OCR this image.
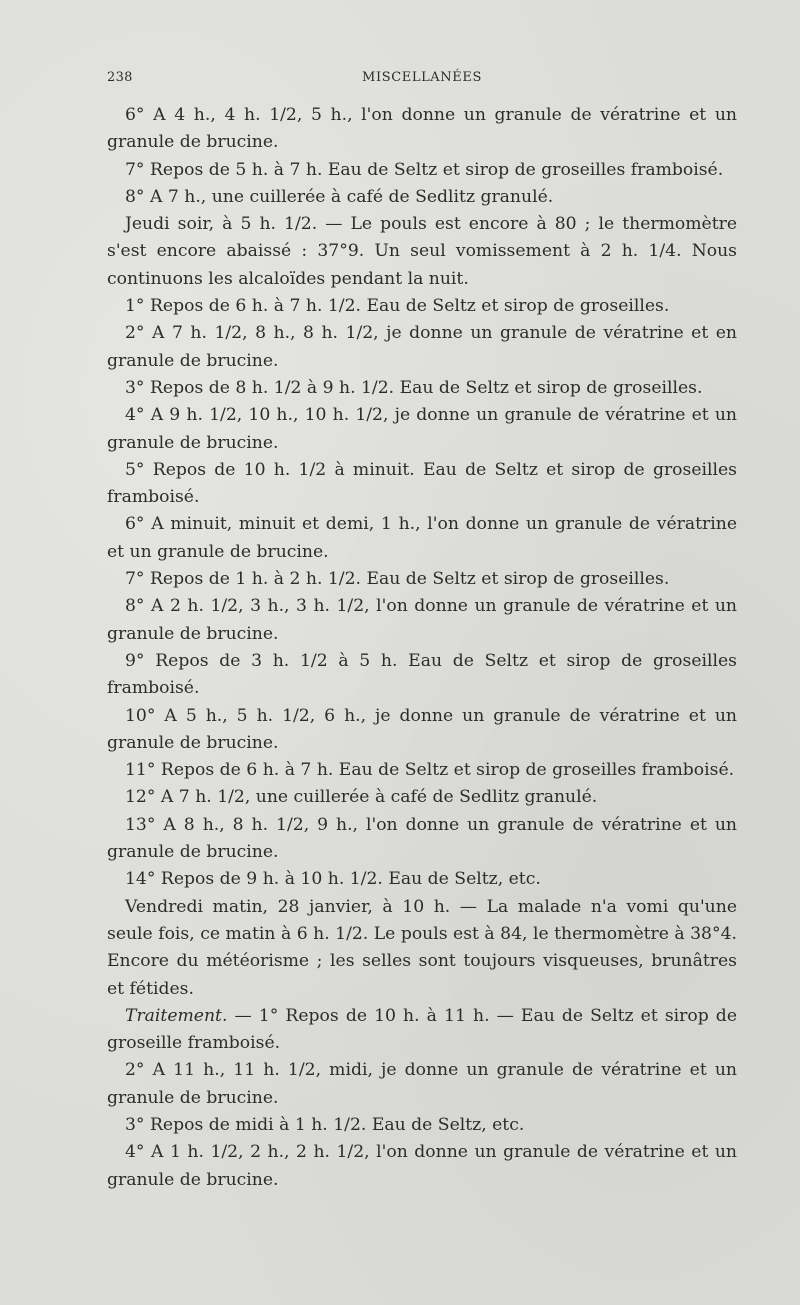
238	MISCELLANÉES

6° A 4 h., 4 h. 1/2, 5 h., l'on donne un granule de vératrine et un granule de brucine.

7° Repos de 5 h. à 7 h. Eau de Seltz et sirop de groseilles framboisé.

8° A 7 h., une cuillerée à café de Sedlitz granulé.

Jeudi soir, à 5 h. 1/2. — Le pouls est encore à 80 ; le thermomètre s'est encore abaissé : 37°9. Un seul vomissement à 2 h. 1/4. Nous continuons les alcaloïdes pendant la nuit.

1° Repos de 6 h. à 7 h. 1/2. Eau de Seltz et sirop de groseilles.

2° A 7 h. 1/2, 8 h., 8 h. 1/2, je donne un granule de vératrine et en granule de brucine.

3° Repos de 8 h. 1/2 à 9 h. 1/2. Eau de Seltz et sirop de groseilles.

4° A 9 h. 1/2, 10 h., 10 h. 1/2, je donne un granule de vératrine et un granule de brucine.

5° Repos de 10 h. 1/2 à minuit. Eau de Seltz et sirop de groseilles framboisé.

6° A minuit, minuit et demi, 1 h., l'on donne un granule de vératrine et un granule de brucine.

7° Repos de 1 h. à 2 h. 1/2. Eau de Seltz et sirop de groseilles.

8° A 2 h. 1/2, 3 h., 3 h. 1/2, l'on donne un granule de vératrine et un granule de brucine.

9° Repos de 3 h. 1/2 à 5 h. Eau de Seltz et sirop de groseilles framboisé.

10° A 5 h., 5 h. 1/2, 6 h., je donne un granule de vératrine et un granule de brucine.

11° Repos de 6 h. à 7 h. Eau de Seltz et sirop de groseilles framboisé.

12° A 7 h. 1/2, une cuillerée à café de Sedlitz granulé.

13° A 8 h., 8 h. 1/2, 9 h., l'on donne un granule de vératrine et un granule de brucine.

14° Repos de 9 h. à 10 h. 1/2. Eau de Seltz, etc.

Vendredi matin, 28 janvier, à 10 h. — La malade n'a vomi qu'une seule fois, ce matin à 6 h. 1/2. Le pouls est à 84, le thermomètre à 38°4. Encore du météorisme ; les selles sont toujours visqueuses, brunâtres et fétides.

Traitement. — 1° Repos de 10 h. à 11 h. — Eau de Seltz et sirop de groseille framboisé.

2° A 11 h., 11 h. 1/2, midi, je donne un granule de vératrine et un granule de brucine.

3° Repos de midi à 1 h. 1/2. Eau de Seltz, etc.

4° A 1 h. 1/2, 2 h., 2 h. 1/2, l'on donne un granule de vératrine et un granule de brucine.
